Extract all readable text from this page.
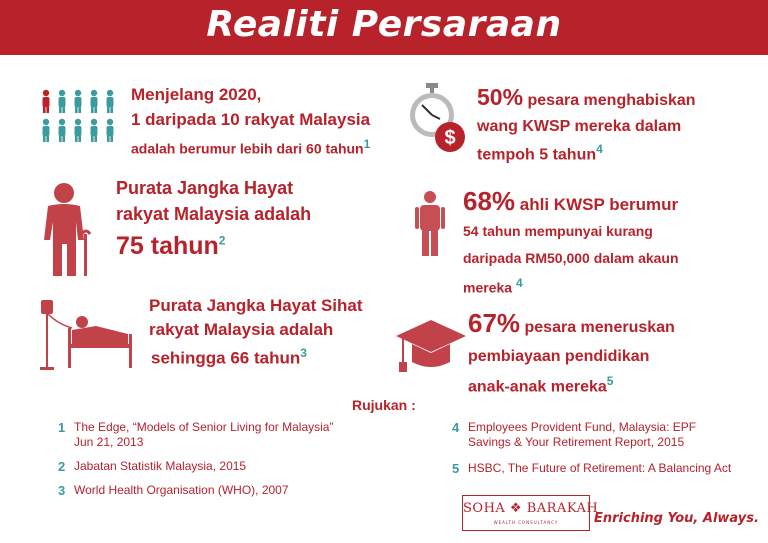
Realiti Persaraan
Menjelang 2020,
1 daripada 10 rakyat Malaysia
adalah berumur lebih dari 60 tahun1
Purata Jangka Hayat
rakyat Malaysia adalah
75 tahun$^2$
Purata Jangka Hayat Sihat
rakyat Malaysia adalah
sehingga 66 tahun$^3$
$
50% pesara menghabiskan
wang KWSP mereka dalam
tempoh 5 tahun$^4$
68% ahli KWSP berumur
54 tahun mempunyai kurang
daripada RM50,000 dalam akaun
mereka 4
67% pesara meneruskan
pembiayaan pendidikan
anak-anak mereka$^5$
Rujukan :
1 The Edge, “Models of Senior Living for Malaysia” Jun 21, 2013
2 Jabatan Statistik Malaysia, 2015
3 World Health Organisation (WHO), 2007
4 Employees Provident Fund, Malaysia: EPF Savings & Your Retirement Report, 2015
5 HSBC, The Future of Retirement: A Balancing Act
SOHA ❖ BARAKAH
WEALTH CONSULTANCY	Enriching You, Always.
